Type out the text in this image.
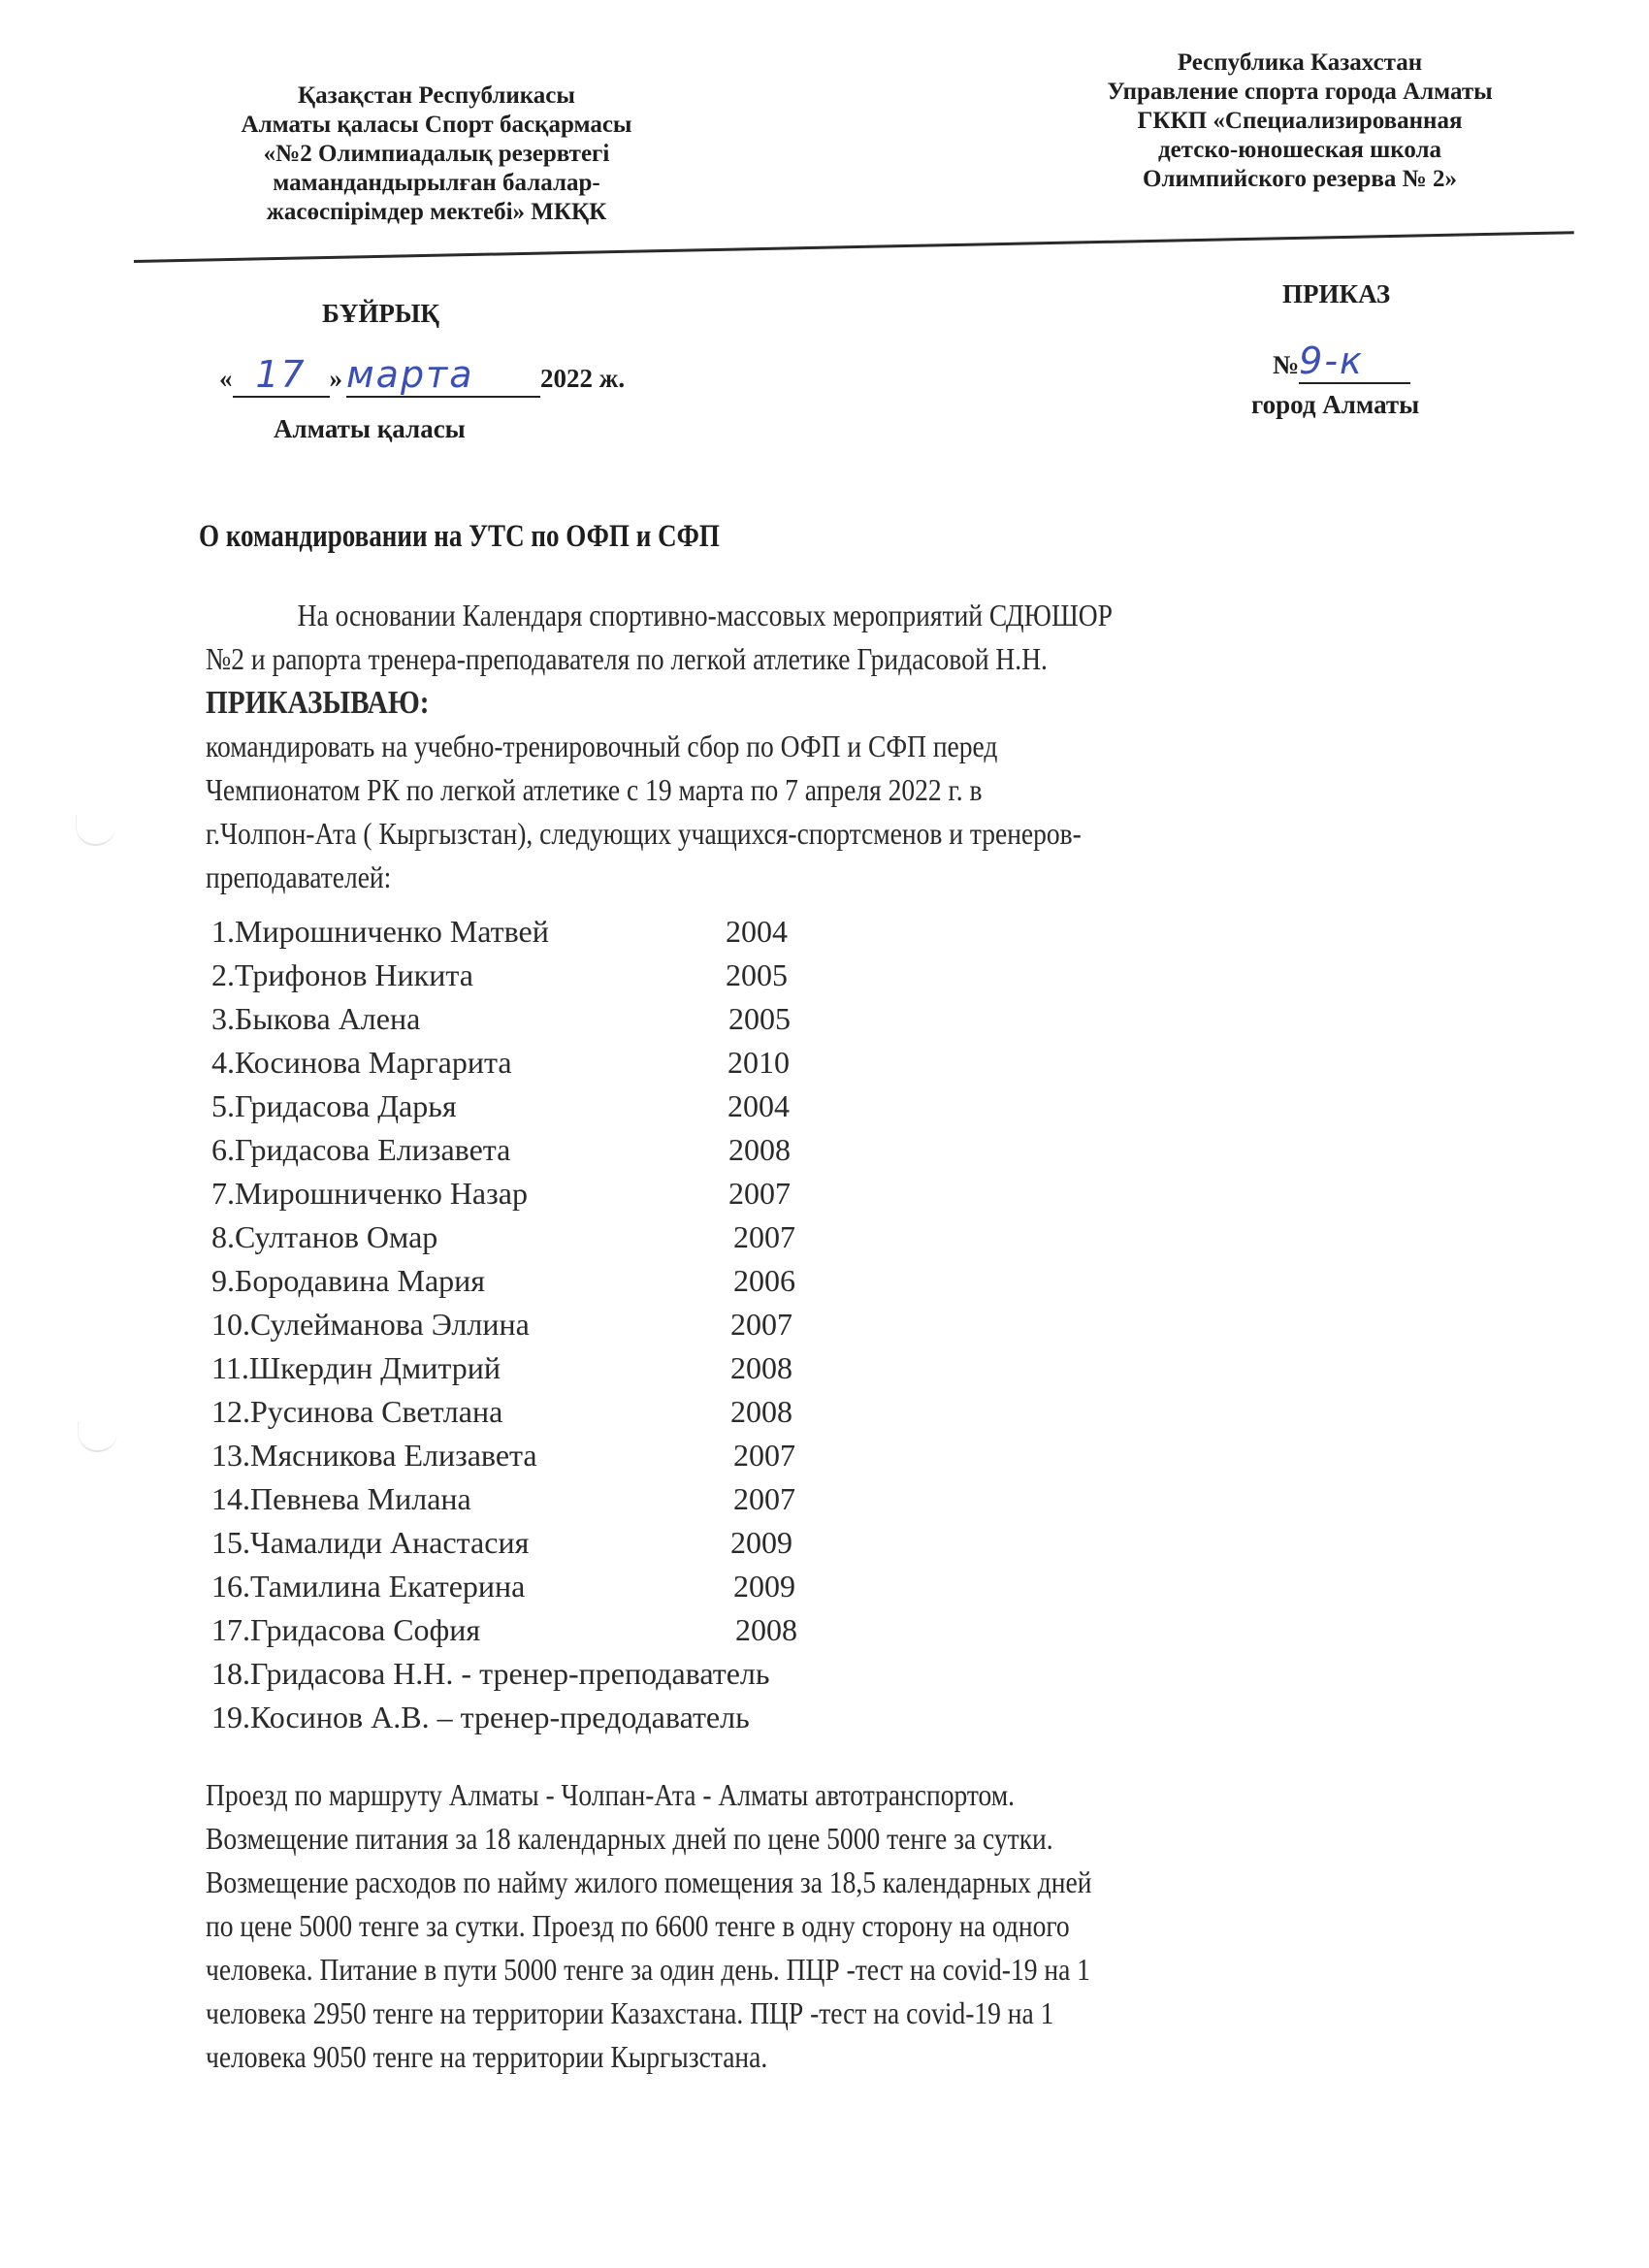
Қазақстан Республикасы
Алматы қаласы Спорт басқармасы
«№2 Олимпиадалық резервтегі
мамандандырылған балалар-
жасөспірімдер мектебі» МКҚК
Республика Казахстан
Управление спорта города Алматы
ГККП «Специализированная
детско-юношеская школа
Олимпийского резерва № 2»
БҰЙРЫҚ
« 17 » марта	2022 ж.
Алматы қаласы
ПРИКАЗ
№9-к
город Алматы
О командировании на УТС по ОФП и СФП
На основании Календаря спортивно-массовых мероприятий СДЮШОР
№2 и рапорта тренера-преподавателя по легкой атлетике Гридасовой Н.Н.
ПРИКАЗЫВАЮ:
командировать на учебно-тренировочный сбор по ОФП и СФП перед
Чемпионатом РК по легкой атлетике с 19 марта по 7 апреля 2022 г. в
г.Чолпон-Ата ( Кыргызстан), следующих учащихся-спортсменов и тренеров-
преподавателей:
1.Мирошниченко Матвей	2004
2.Трифонов Никита	2005
3.Быкова Алена	2005
4.Косинова Маргарита	2010
5.Гридасова Дарья	2004
6.Гридасова Елизавета	2008
7.Мирошниченко Назар	2007
8.Султанов Омар	2007
9.Бородавина Мария	2006
10.Сулейманова Эллина	2007
11.Шкердин Дмитрий	2008
12.Русинова Светлана	2008
13.Мясникова Елизавета	2007
14.Певнева Милана	2007
15.Чамалиди Анастасия	2009
16.Тамилина Екатерина	2009
17.Гридасова София	2008
18.Гридасова Н.Н. - тренер-преподаватель
19.Косинов А.В. – тренер-предодаватель
Проезд по маршруту Алматы - Чолпан-Ата - Алматы автотранспортом.
Возмещение питания за 18 календарных дней по цене 5000 тенге за сутки.
Возмещение расходов по найму жилого помещения за 18,5 календарных дней
по цене 5000 тенге за сутки. Проезд по 6600 тенге в одну сторону на одного
человека. Питание в пути 5000 тенге за один день. ПЦР -тест на covid-19 на 1
человека 2950 тенге на территории Казахстана. ПЦР -тест на covid-19 на 1
человека 9050 тенге на территории Кыргызстана.
